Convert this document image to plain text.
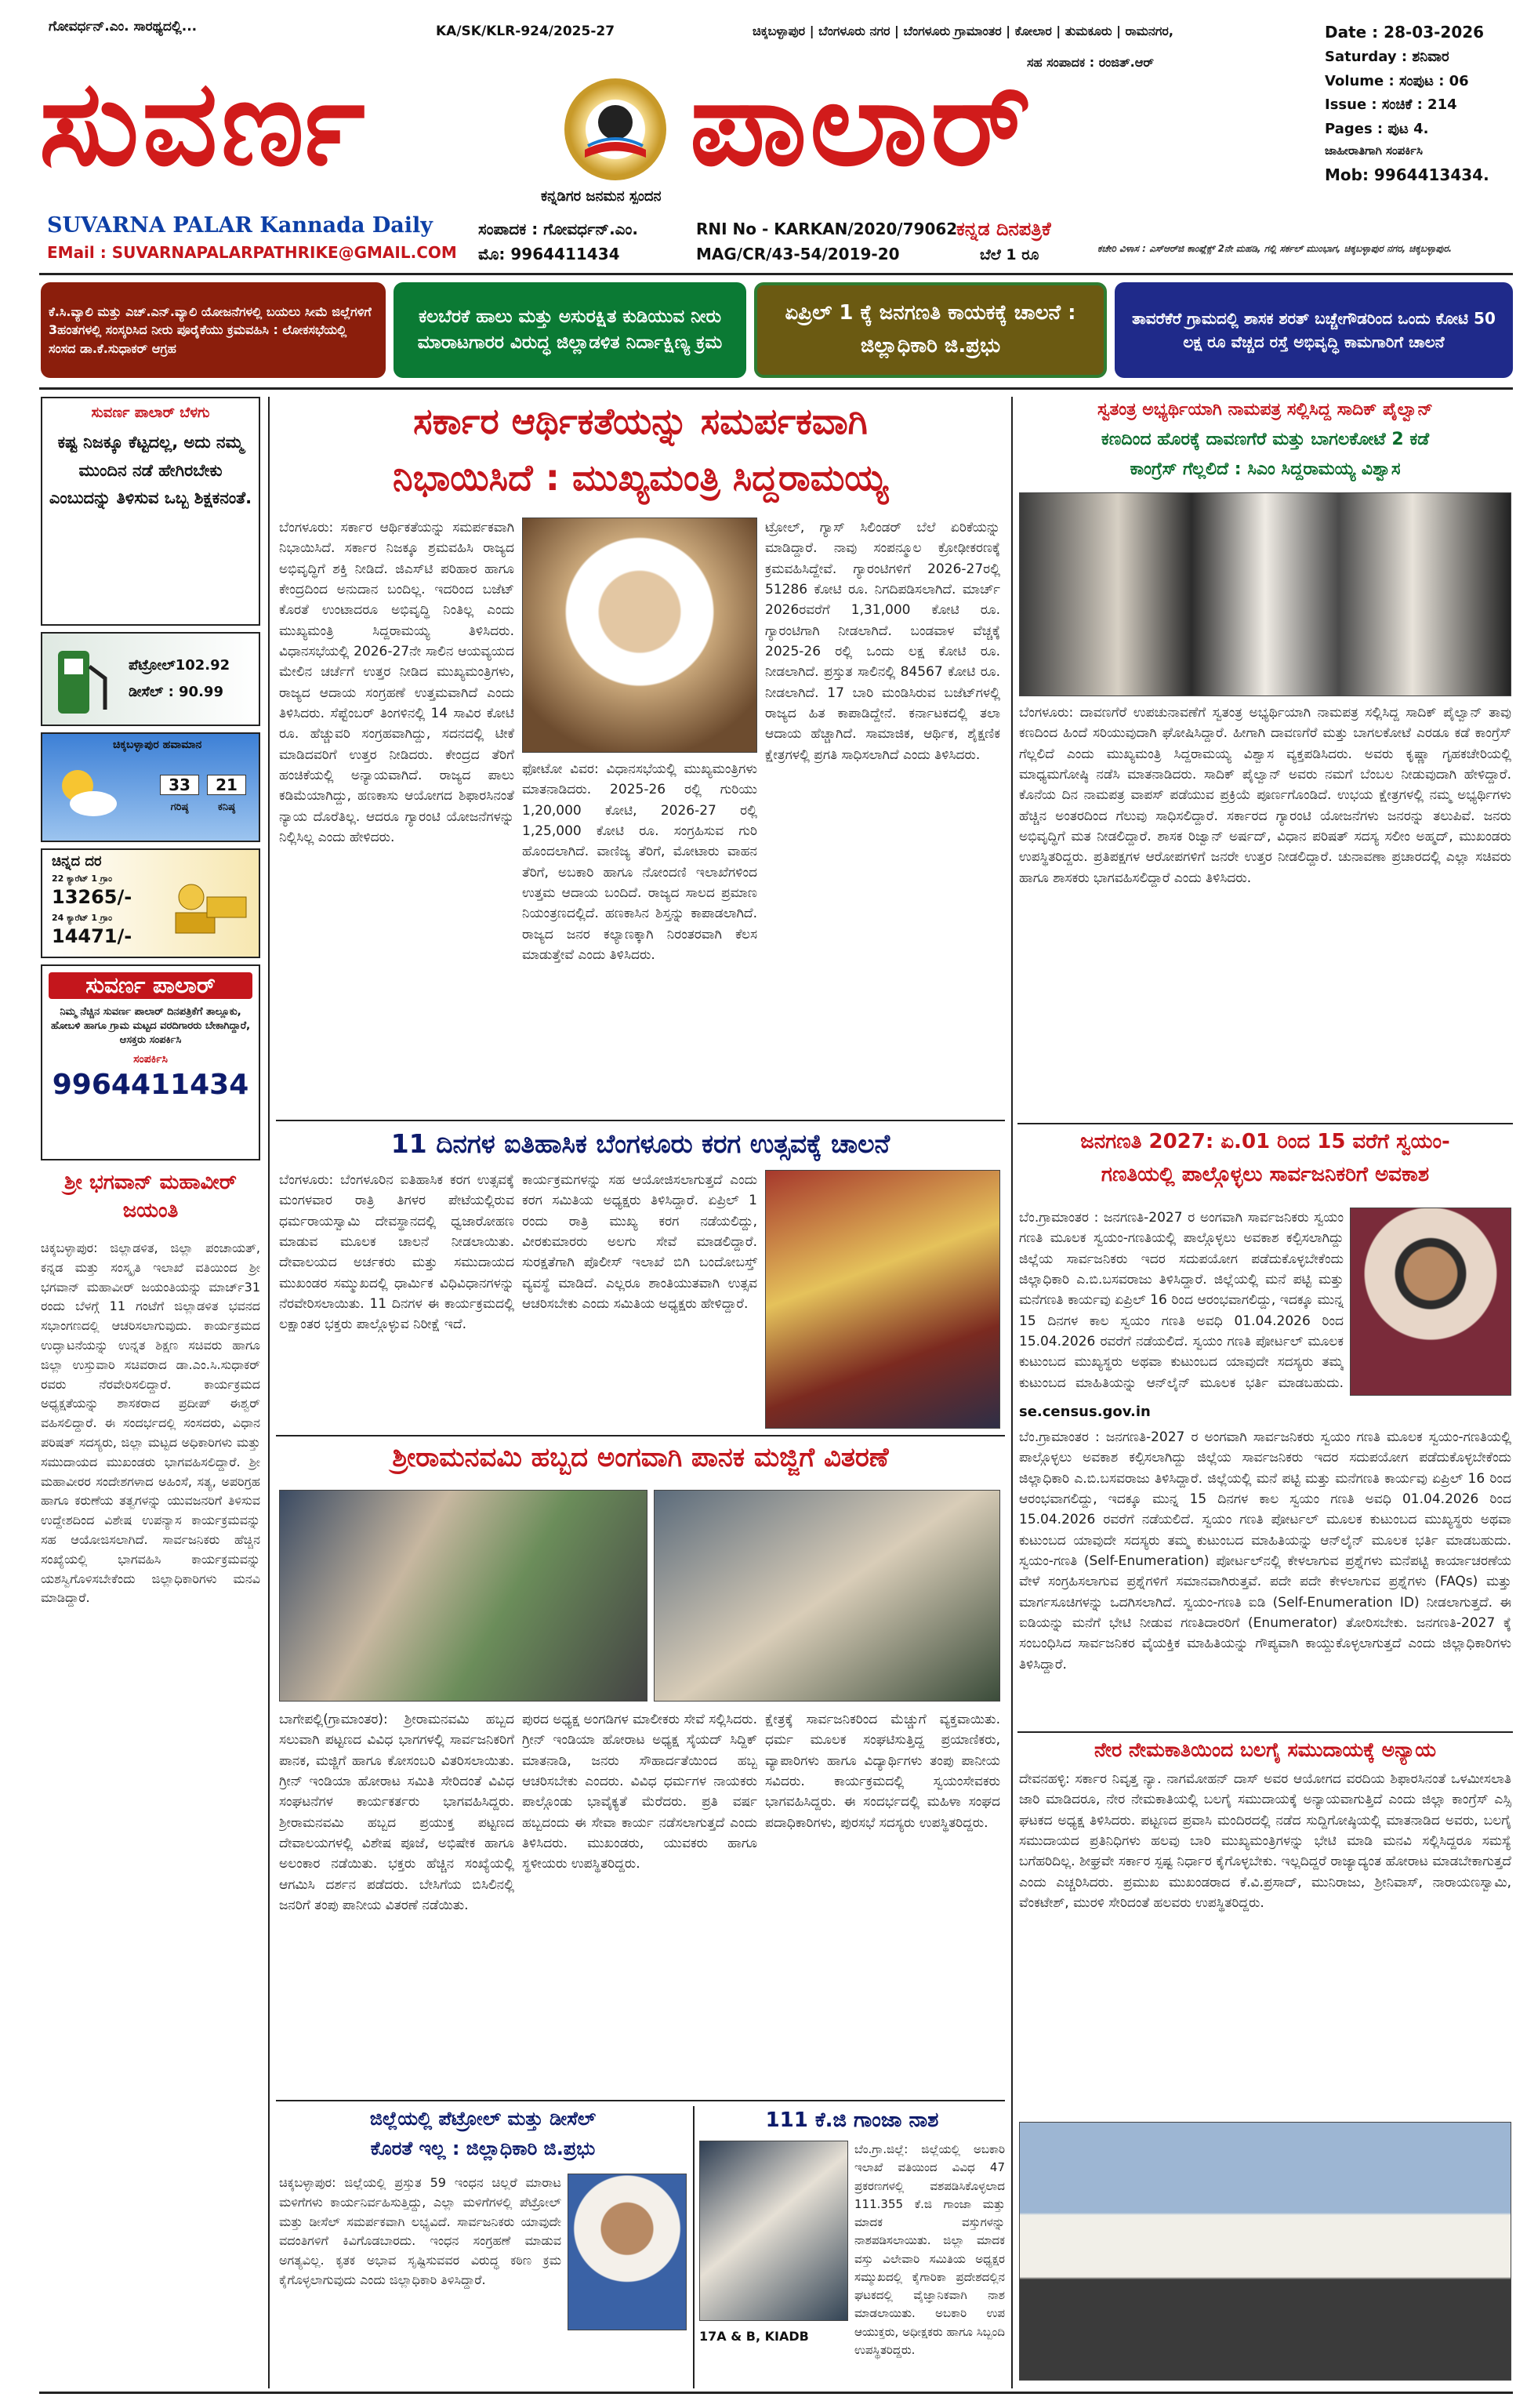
ಗೋವರ್ಧನ್.ಎಂ. ಸಾರಥ್ಯದಲ್ಲಿ...	KA/SK/KLR-924/2025-27	ಚಿಕ್ಕಬಳ್ಳಾಪುರ | ಬೆಂಗಳೂರು ನಗರ | ಬೆಂಗಳೂರು ಗ್ರಾಮಾಂತರ | ಕೋಲಾರ | ತುಮಕೂರು | ರಾಮನಗರ,
ಸಹ ಸಂಪಾದಕ : ರಂಜಿತ್.ಆರ್
ಸುವರ್ಣ	ಪಾಲಾರ್
ಕನ್ನಡಿಗರ ಜನಮನ ಸ್ಪಂದನ
SUVARNA PALAR Kannada Daily
EMail : SUVARNAPALARPATHRIKE@GMAIL.COM
ಸಂಪಾದಕ : ಗೋವರ್ಧನ್.ಎಂ.
ಮೊ: 9964411434
RNI No - KARKAN/2020/79062
MAG/CR/43-54/2019-20
ಕನ್ನಡ ದಿನಪತ್ರಿಕೆ
ಬೆಲೆ 1 ರೂ
Date : 28-03-2026
Saturday : ಶನಿವಾರ
Volume : ಸಂಪುಟ : 06
Issue : ಸಂಚಿಕೆ : 214
Pages : ಪುಟ 4.
ಜಾಹೀರಾತಿಗಾಗಿ ಸಂಪರ್ಕಿಸಿ
Mob: 9964413434.
ಕಚೇರಿ ವಿಳಾಸ : ಎಸ್‌ಆರ್‌ಜಿ ಕಾಂಪ್ಲೆಕ್ಸ್ 2ನೇ ಮಹಡಿ, ಗಲ್ಲಿ ಸರ್ಕಲ್ ಮುಂಭಾಗ, ಚಿಕ್ಕಬಳ್ಳಾಪುರ ನಗರ, ಚಿಕ್ಕಬಳ್ಳಾಪುರ.
ಕೆ.ಸಿ.ವ್ಯಾಲಿ ಮತ್ತು ಎಚ್.ಎನ್.ವ್ಯಾಲಿ ಯೋಜನೆಗಳಲ್ಲಿ ಬಯಲು ಸೀಮೆ ಜಿಲ್ಲೆಗಳಿಗೆ 3ಹಂತಗಳಲ್ಲಿ ಸಂಸ್ಕರಿಸಿದ ನೀರು ಪೂರೈಕೆಯು ಕ್ರಮವಹಿಸಿ : ಲೋಕಸಭೆಯಲ್ಲಿ ಸಂಸದ ಡಾ.ಕೆ.ಸುಧಾಕರ್ ಆಗ್ರಹ
ಕಲಬೆರಕೆ ಹಾಲು ಮತ್ತು ಅಸುರಕ್ಷಿತ ಕುಡಿಯುವ ನೀರು ಮಾರಾಟಗಾರರ ವಿರುದ್ಧ ಜಿಲ್ಲಾಡಳಿತ ನಿರ್ದಾಕ್ಷಿಣ್ಯ ಕ್ರಮ
ಏಪ್ರಿಲ್ 1 ಕ್ಕೆ ಜನಗಣತಿ ಕಾಯಕಕ್ಕೆ ಚಾಲನೆ : ಜಿಲ್ಲಾಧಿಕಾರಿ ಜಿ.ಪ್ರಭು
ತಾವರೆಕೆರೆ ಗ್ರಾಮದಲ್ಲಿ ಶಾಸಕ ಶರತ್ ಬಚ್ಚೇಗೌಡರಿಂದ ಒಂದು ಕೋಟಿ 50 ಲಕ್ಷ ರೂ ವೆಚ್ಚದ ರಸ್ತೆ ಅಭಿವೃದ್ಧಿ ಕಾಮಗಾರಿಗೆ ಚಾಲನೆ
ಸುವರ್ಣ ಪಾಲಾರ್ ಬೆಳಗು
ಕಷ್ಟ ನಿಜಕ್ಕೂ ಕೆಟ್ಟದಲ್ಲ, ಅದು ನಮ್ಮ ಮುಂದಿನ ನಡೆ ಹೇಗಿರಬೇಕು ಎಂಬುದನ್ನು ತಿಳಿಸುವ ಒಬ್ಬ ಶಿಕ್ಷಕನಂತೆ.
ಪೆಟ್ರೋಲ್102.92
ಡೀಸೆಲ್ : 90.99
ಚಿಕ್ಕಬಳ್ಳಾಪುರ ಹವಾಮಾನ
33	21
ಗರಿಷ್ಠ	ಕನಿಷ್ಠ
ಚಿನ್ನದ ದರ
22 ಕ್ಯಾರೆಟ್ 1 ಗ್ರಾಂ
13265/-
24 ಕ್ಯಾರೆಟ್ 1 ಗ್ರಾಂ
14471/-
ಸುವರ್ಣ ಪಾಲಾರ್
ನಿಮ್ಮ ನೆಚ್ಚಿನ ಸುವರ್ಣ ಪಾಲಾರ್ ದಿನಪತ್ರಿಕೆಗೆ ತಾಲ್ಲೂಕು, ಹೋಬಳಿ ಹಾಗೂ ಗ್ರಾಮ ಮಟ್ಟದ ವರದಿಗಾರರು ಬೇಕಾಗಿದ್ದಾರೆ, ಆಸಕ್ತರು ಸಂಪರ್ಕಿಸಿ
ಸಂಪರ್ಕಿಸಿ
9964411434
ಶ್ರೀ ಭಗವಾನ್ ಮಹಾವೀರ್ ಜಯಂತಿ
ಚಿಕ್ಕಬಳ್ಳಾಪುರ: ಜಿಲ್ಲಾಡಳಿತ, ಜಿಲ್ಲಾ ಪಂಚಾಯತ್, ಕನ್ನಡ ಮತ್ತು ಸಂಸ್ಕೃತಿ ಇಲಾಖೆ ವತಿಯಿಂದ ಶ್ರೀ ಭಗವಾನ್ ಮಹಾವೀರ್ ಜಯಂತಿಯನ್ನು ಮಾರ್ಚ್31 ರಂದು ಬೆಳಗ್ಗೆ 11 ಗಂಟೆಗೆ ಜಿಲ್ಲಾಡಳಿತ ಭವನದ ಸಭಾಂಗಣದಲ್ಲಿ ಆಚರಿಸಲಾಗುವುದು. ಕಾರ್ಯಕ್ರಮದ ಉದ್ಘಾಟನೆಯನ್ನು ಉನ್ನತ ಶಿಕ್ಷಣ ಸಚಿವರು ಹಾಗೂ ಜಿಲ್ಲಾ ಉಸ್ತುವಾರಿ ಸಚಿವರಾದ ಡಾ.ಎಂ.ಸಿ.ಸುಧಾಕರ್ ರವರು ನೆರವೇರಿಸಲಿದ್ದಾರೆ. ಕಾರ್ಯಕ್ರಮದ ಅಧ್ಯಕ್ಷತೆಯನ್ನು ಶಾಸಕರಾದ ಪ್ರದೀಪ್ ಈಶ್ವರ್ ವಹಿಸಲಿದ್ದಾರೆ. ಈ ಸಂದರ್ಭದಲ್ಲಿ ಸಂಸದರು, ವಿಧಾನ ಪರಿಷತ್ ಸದಸ್ಯರು, ಜಿಲ್ಲಾ ಮಟ್ಟದ ಅಧಿಕಾರಿಗಳು ಮತ್ತು ಸಮುದಾಯದ ಮುಖಂಡರು ಭಾಗವಹಿಸಲಿದ್ದಾರೆ. ಶ್ರೀ ಮಹಾವೀರರ ಸಂದೇಶಗಳಾದ ಅಹಿಂಸೆ, ಸತ್ಯ, ಅಪರಿಗ್ರಹ ಹಾಗೂ ಕರುಣೆಯ ತತ್ವಗಳನ್ನು ಯುವಜನರಿಗೆ ತಿಳಿಸುವ ಉದ್ದೇಶದಿಂದ ವಿಶೇಷ ಉಪನ್ಯಾಸ ಕಾರ್ಯಕ್ರಮವನ್ನು ಸಹ ಆಯೋಜಿಸಲಾಗಿದೆ. ಸಾರ್ವಜನಿಕರು ಹೆಚ್ಚಿನ ಸಂಖ್ಯೆಯಲ್ಲಿ ಭಾಗವಹಿಸಿ ಕಾರ್ಯಕ್ರಮವನ್ನು ಯಶಸ್ವಿಗೊಳಿಸಬೇಕೆಂದು ಜಿಲ್ಲಾಧಿಕಾರಿಗಳು ಮನವಿ ಮಾಡಿದ್ದಾರೆ.
ಸರ್ಕಾರ ಆರ್ಥಿಕತೆಯನ್ನು ಸಮರ್ಪಕವಾಗಿ
ನಿಭಾಯಿಸಿದೆ : ಮುಖ್ಯಮಂತ್ರಿ ಸಿದ್ದರಾಮಯ್ಯ
ಬೆಂಗಳೂರು: ಸರ್ಕಾರ ಆರ್ಥಿಕತೆಯನ್ನು ಸಮರ್ಪಕವಾಗಿ ನಿಭಾಯಿಸಿದೆ. ಸರ್ಕಾರ ನಿಜಕ್ಕೂ ಶ್ರಮವಹಿಸಿ ರಾಜ್ಯದ ಅಭಿವೃದ್ಧಿಗೆ ಶಕ್ತಿ ನೀಡಿದೆ. ಜಿಎಸ್‌ಟಿ ಪರಿಹಾರ ಹಾಗೂ ಕೇಂದ್ರದಿಂದ ಅನುದಾನ ಬಂದಿಲ್ಲ. ಇದರಿಂದ ಬಜೆಟ್ ಕೊರತೆ ಉಂಟಾದರೂ ಅಭಿವೃದ್ಧಿ ನಿಂತಿಲ್ಲ ಎಂದು ಮುಖ್ಯಮಂತ್ರಿ ಸಿದ್ದರಾಮಯ್ಯ ತಿಳಿಸಿದರು. ವಿಧಾನಸಭೆಯಲ್ಲಿ 2026-27ನೇ ಸಾಲಿನ ಆಯವ್ಯಯದ ಮೇಲಿನ ಚರ್ಚೆಗೆ ಉತ್ತರ ನೀಡಿದ ಮುಖ್ಯಮಂತ್ರಿಗಳು, ರಾಜ್ಯದ ಆದಾಯ ಸಂಗ್ರಹಣೆ ಉತ್ತಮವಾಗಿದೆ ಎಂದು ತಿಳಿಸಿದರು. ಸೆಪ್ಟೆಂಬರ್ ತಿಂಗಳಿನಲ್ಲಿ 14 ಸಾವಿರ ಕೋಟಿ ರೂ. ಹೆಚ್ಚುವರಿ ಸಂಗ್ರಹವಾಗಿದ್ದು, ಸದನದಲ್ಲಿ ಟೀಕೆ ಮಾಡಿದವರಿಗೆ ಉತ್ತರ ನೀಡಿದರು. ಕೇಂದ್ರದ ತೆರಿಗೆ ಹಂಚಿಕೆಯಲ್ಲಿ ಅನ್ಯಾಯವಾಗಿದೆ. ರಾಜ್ಯದ ಪಾಲು ಕಡಿಮೆಯಾಗಿದ್ದು, ಹಣಕಾಸು ಆಯೋಗದ ಶಿಫಾರಸಿನಂತೆ ನ್ಯಾಯ ದೊರೆತಿಲ್ಲ. ಆದರೂ ಗ್ಯಾರಂಟಿ ಯೋಜನೆಗಳನ್ನು ನಿಲ್ಲಿಸಿಲ್ಲ ಎಂದು ಹೇಳಿದರು.
ಫೋಟೋ ವಿವರ: ವಿಧಾನಸಭೆಯಲ್ಲಿ ಮುಖ್ಯಮಂತ್ರಿಗಳು ಮಾತನಾಡಿದರು. 2025-26 ರಲ್ಲಿ ಗುರಿಯು 1,20,000 ಕೋಟಿ, 2026-27 ರಲ್ಲಿ 1,25,000 ಕೋಟಿ ರೂ. ಸಂಗ್ರಹಿಸುವ ಗುರಿ ಹೊಂದಲಾಗಿದೆ. ವಾಣಿಜ್ಯ ತೆರಿಗೆ, ಮೋಟಾರು ವಾಹನ ತೆರಿಗೆ, ಅಬಕಾರಿ ಹಾಗೂ ನೋಂದಣಿ ಇಲಾಖೆಗಳಿಂದ ಉತ್ತಮ ಆದಾಯ ಬಂದಿದೆ. ರಾಜ್ಯದ ಸಾಲದ ಪ್ರಮಾಣ ನಿಯಂತ್ರಣದಲ್ಲಿದೆ. ಹಣಕಾಸಿನ ಶಿಸ್ತನ್ನು ಕಾಪಾಡಲಾಗಿದೆ. ರಾಜ್ಯದ ಜನರ ಕಲ್ಯಾಣಕ್ಕಾಗಿ ನಿರಂತರವಾಗಿ ಕೆಲಸ ಮಾಡುತ್ತೇವೆ ಎಂದು ತಿಳಿಸಿದರು.
ಟ್ರೋಲ್, ಗ್ಯಾಸ್ ಸಿಲಿಂಡರ್ ಬೆಲೆ ಏರಿಕೆಯನ್ನು ಮಾಡಿದ್ದಾರೆ. ನಾವು ಸಂಪನ್ಮೂಲ ಕ್ರೋಢೀಕರಣಕ್ಕೆ ಕ್ರಮವಹಿಸಿದ್ದೇವೆ. ಗ್ಯಾರಂಟಿಗಳಿಗೆ 2026-27ರಲ್ಲಿ 51286 ಕೋಟಿ ರೂ. ನಿಗದಿಪಡಿಸಲಾಗಿದೆ. ಮಾರ್ಚ್ 2026ರವರೆಗೆ 1,31,000 ಕೋಟಿ ರೂ. ಗ್ಯಾರಂಟಿಗಾಗಿ ನೀಡಲಾಗಿದೆ. ಬಂಡವಾಳ ವೆಚ್ಚಕ್ಕೆ 2025-26 ರಲ್ಲಿ ಒಂದು ಲಕ್ಷ ಕೋಟಿ ರೂ. ನೀಡಲಾಗಿದೆ. ಪ್ರಸ್ತುತ ಸಾಲಿನಲ್ಲಿ 84567 ಕೋಟಿ ರೂ. ನೀಡಲಾಗಿದೆ. 17 ಬಾರಿ ಮಂಡಿಸಿರುವ ಬಜೆಟ್‌ಗಳಲ್ಲಿ ರಾಜ್ಯದ ಹಿತ ಕಾಪಾಡಿದ್ದೇನೆ. ಕರ್ನಾಟಕದಲ್ಲಿ ತಲಾ ಆದಾಯ ಹೆಚ್ಚಾಗಿದೆ. ಸಾಮಾಜಿಕ, ಆರ್ಥಿಕ, ಶೈಕ್ಷಣಿಕ ಕ್ಷೇತ್ರಗಳಲ್ಲಿ ಪ್ರಗತಿ ಸಾಧಿಸಲಾಗಿದೆ ಎಂದು ತಿಳಿಸಿದರು.
11 ದಿನಗಳ ಐತಿಹಾಸಿಕ ಬೆಂಗಳೂರು ಕರಗ ಉತ್ಸವಕ್ಕೆ ಚಾಲನೆ
ಬೆಂಗಳೂರು: ಬೆಂಗಳೂರಿನ ಐತಿಹಾಸಿಕ ಕರಗ ಉತ್ಸವಕ್ಕೆ ಮಂಗಳವಾರ ರಾತ್ರಿ ತಿಗಳರ ಪೇಟೆಯಲ್ಲಿರುವ ಧರ್ಮರಾಯಸ್ವಾಮಿ ದೇವಸ್ಥಾನದಲ್ಲಿ ಧ್ವಜಾರೋಹಣ ಮಾಡುವ ಮೂಲಕ ಚಾಲನೆ ನೀಡಲಾಯಿತು. ದೇವಾಲಯದ ಅರ್ಚಕರು ಮತ್ತು ಸಮುದಾಯದ ಮುಖಂಡರ ಸಮ್ಮುಖದಲ್ಲಿ ಧಾರ್ಮಿಕ ವಿಧಿವಿಧಾನಗಳನ್ನು ನೆರವೇರಿಸಲಾಯಿತು. 11 ದಿನಗಳ ಈ ಕಾರ್ಯಕ್ರಮದಲ್ಲಿ ಲಕ್ಷಾಂತರ ಭಕ್ತರು ಪಾಲ್ಗೊಳ್ಳುವ ನಿರೀಕ್ಷೆ ಇದೆ.
ಕಾರ್ಯಕ್ರಮಗಳನ್ನು ಸಹ ಆಯೋಜಿಸಲಾಗುತ್ತದೆ ಎಂದು ಕರಗ ಸಮಿತಿಯ ಅಧ್ಯಕ್ಷರು ತಿಳಿಸಿದ್ದಾರೆ. ಏಪ್ರಿಲ್ 1 ರಂದು ರಾತ್ರಿ ಮುಖ್ಯ ಕರಗ ನಡೆಯಲಿದ್ದು, ವೀರಕುಮಾರರು ಅಲಗು ಸೇವೆ ಮಾಡಲಿದ್ದಾರೆ. ಸುರಕ್ಷತೆಗಾಗಿ ಪೊಲೀಸ್ ಇಲಾಖೆ ಬಿಗಿ ಬಂದೋಬಸ್ತ್ ವ್ಯವಸ್ಥೆ ಮಾಡಿದೆ. ಎಲ್ಲರೂ ಶಾಂತಿಯುತವಾಗಿ ಉತ್ಸವ ಆಚರಿಸಬೇಕು ಎಂದು ಸಮಿತಿಯ ಅಧ್ಯಕ್ಷರು ಹೇಳಿದ್ದಾರೆ.
ಶ್ರೀರಾಮನವಮಿ ಹಬ್ಬದ ಅಂಗವಾಗಿ ಪಾನಕ ಮಜ್ಜಿಗೆ ವಿತರಣೆ
ಬಾಗೇಪಲ್ಲಿ(ಗ್ರಾಮಾಂತರ): ಶ್ರೀರಾಮನವಮಿ ಹಬ್ಬದ ಸಲುವಾಗಿ ಪಟ್ಟಣದ ವಿವಿಧ ಭಾಗಗಳಲ್ಲಿ ಸಾರ್ವಜನಿಕರಿಗೆ ಪಾನಕ, ಮಜ್ಜಿಗೆ ಹಾಗೂ ಕೋಸಂಬರಿ ವಿತರಿಸಲಾಯಿತು. ಗ್ರೀನ್ ಇಂಡಿಯಾ ಹೋರಾಟ ಸಮಿತಿ ಸೇರಿದಂತೆ ವಿವಿಧ ಸಂಘಟನೆಗಳ ಕಾರ್ಯಕರ್ತರು ಭಾಗವಹಿಸಿದ್ದರು. ಶ್ರೀರಾಮನವಮಿ ಹಬ್ಬದ ಪ್ರಯುಕ್ತ ಪಟ್ಟಣದ ದೇವಾಲಯಗಳಲ್ಲಿ ವಿಶೇಷ ಪೂಜೆ, ಅಭಿಷೇಕ ಹಾಗೂ ಅಲಂಕಾರ ನಡೆಯಿತು. ಭಕ್ತರು ಹೆಚ್ಚಿನ ಸಂಖ್ಯೆಯಲ್ಲಿ ಆಗಮಿಸಿ ದರ್ಶನ ಪಡೆದರು. ಬೇಸಿಗೆಯ ಬಿಸಿಲಿನಲ್ಲಿ ಜನರಿಗೆ ತಂಪು ಪಾನೀಯ ವಿತರಣೆ ನಡೆಯಿತು.
ಪುರದ ಅಧ್ಯಕ್ಷ ಅಂಗಡಿಗಳ ಮಾಲೀಕರು ಸೇವೆ ಸಲ್ಲಿಸಿದರು. ಗ್ರೀನ್ ಇಂಡಿಯಾ ಹೋರಾಟ ಅಧ್ಯಕ್ಷ ಸೈಯದ್ ಸಿದ್ದಿಕ್ ಮಾತನಾಡಿ, ಜನರು ಸೌಹಾರ್ದತೆಯಿಂದ ಹಬ್ಬ ಆಚರಿಸಬೇಕು ಎಂದರು. ವಿವಿಧ ಧರ್ಮಗಳ ನಾಯಕರು ಪಾಲ್ಗೊಂಡು ಭಾವೈಕ್ಯತೆ ಮೆರೆದರು. ಪ್ರತಿ ವರ್ಷ ಹಬ್ಬದಂದು ಈ ಸೇವಾ ಕಾರ್ಯ ನಡೆಸಲಾಗುತ್ತದೆ ಎಂದು ತಿಳಿಸಿದರು. ಮುಖಂಡರು, ಯುವಕರು ಹಾಗೂ ಸ್ಥಳೀಯರು ಉಪಸ್ಥಿತರಿದ್ದರು.
ಕ್ಷೇತ್ರಕ್ಕೆ ಸಾರ್ವಜನಿಕರಿಂದ ಮೆಚ್ಚುಗೆ ವ್ಯಕ್ತವಾಯಿತು. ಧರ್ಮ ಮೂಲಕ ಸಂಘಟಿಸುತ್ತಿದ್ದ ಪ್ರಯಾಣಿಕರು, ವ್ಯಾಪಾರಿಗಳು ಹಾಗೂ ವಿದ್ಯಾರ್ಥಿಗಳು ತಂಪು ಪಾನೀಯ ಸವಿದರು. ಕಾರ್ಯಕ್ರಮದಲ್ಲಿ ಸ್ವಯಂಸೇವಕರು ಭಾಗವಹಿಸಿದ್ದರು. ಈ ಸಂದರ್ಭದಲ್ಲಿ ಮಹಿಳಾ ಸಂಘದ ಪದಾಧಿಕಾರಿಗಳು, ಪುರಸಭೆ ಸದಸ್ಯರು ಉಪಸ್ಥಿತರಿದ್ದರು.
ಜಿಲ್ಲೆಯಲ್ಲಿ ಪೆಟ್ರೋಲ್ ಮತ್ತು ಡೀಸೆಲ್
ಕೊರತೆ ಇಲ್ಲ : ಜಿಲ್ಲಾಧಿಕಾರಿ ಜಿ.ಪ್ರಭು
ಚಿಕ್ಕಬಳ್ಳಾಪುರ: ಜಿಲ್ಲೆಯಲ್ಲಿ ಪ್ರಸ್ತುತ 59 ಇಂಧನ ಚಿಲ್ಲರೆ ಮಾರಾಟ ಮಳಿಗೆಗಳು ಕಾರ್ಯನಿರ್ವಹಿಸುತ್ತಿದ್ದು, ಎಲ್ಲಾ ಮಳಿಗೆಗಳಲ್ಲಿ ಪೆಟ್ರೋಲ್ ಮತ್ತು ಡೀಸೆಲ್ ಸಮರ್ಪಕವಾಗಿ ಲಭ್ಯವಿದೆ. ಸಾರ್ವಜನಿಕರು ಯಾವುದೇ ವದಂತಿಗಳಿಗೆ ಕಿವಿಗೊಡಬಾರದು. ಇಂಧನ ಸಂಗ್ರಹಣೆ ಮಾಡುವ ಅಗತ್ಯವಿಲ್ಲ. ಕೃತಕ ಅಭಾವ ಸೃಷ್ಟಿಸುವವರ ವಿರುದ್ಧ ಕಠಿಣ ಕ್ರಮ ಕೈಗೊಳ್ಳಲಾಗುವುದು ಎಂದು ಜಿಲ್ಲಾಧಿಕಾರಿ ತಿಳಿಸಿದ್ದಾರೆ.
111 ಕೆ.ಜಿ ಗಾಂಜಾ ನಾಶ
ಬೆಂ.ಗ್ರಾ.ಜಿಲ್ಲೆ: ಜಿಲ್ಲೆಯಲ್ಲಿ ಅಬಕಾರಿ ಇಲಾಖೆ ವತಿಯಿಂದ ವಿವಿಧ 47 ಪ್ರಕರಣಗಳಲ್ಲಿ ವಶಪಡಿಸಿಕೊಳ್ಳಲಾದ 111.355 ಕೆ.ಜಿ ಗಾಂಜಾ ಮತ್ತು ಮಾದಕ ವಸ್ತುಗಳನ್ನು ನಾಶಪಡಿಸಲಾಯಿತು. ಜಿಲ್ಲಾ ಮಾದಕ ವಸ್ತು ವಿಲೇವಾರಿ ಸಮಿತಿಯ ಅಧ್ಯಕ್ಷರ ಸಮ್ಮುಖದಲ್ಲಿ ಕೈಗಾರಿಕಾ ಪ್ರದೇಶದಲ್ಲಿನ ಘಟಕದಲ್ಲಿ ವೈಜ್ಞಾನಿಕವಾಗಿ ನಾಶ ಮಾಡಲಾಯಿತು. ಅಬಕಾರಿ ಉಪ ಆಯುಕ್ತರು, ಅಧೀಕ್ಷಕರು ಹಾಗೂ ಸಿಬ್ಬಂದಿ ಉಪಸ್ಥಿತರಿದ್ದರು.
17A & B, KIADB
ಸ್ವತಂತ್ರ ಅಭ್ಯರ್ಥಿಯಾಗಿ ನಾಮಪತ್ರ ಸಲ್ಲಿಸಿದ್ದ ಸಾದಿಕ್ ಪೈಲ್ವಾನ್
ಕಣದಿಂದ ಹೊರಕ್ಕೆ ದಾವಣಗೆರೆ ಮತ್ತು ಬಾಗಲಕೋಟೆ 2 ಕಡೆ
ಕಾಂಗ್ರೆಸ್ ಗೆಲ್ಲಲಿದೆ : ಸಿಎಂ ಸಿದ್ದರಾಮಯ್ಯ ವಿಶ್ವಾಸ
ಬೆಂಗಳೂರು: ದಾವಣಗೆರೆ ಉಪಚುನಾವಣೆಗೆ ಸ್ವತಂತ್ರ ಅಭ್ಯರ್ಥಿಯಾಗಿ ನಾಮಪತ್ರ ಸಲ್ಲಿಸಿದ್ದ ಸಾದಿಕ್ ಪೈಲ್ವಾನ್ ತಾವು ಕಣದಿಂದ ಹಿಂದೆ ಸರಿಯುವುದಾಗಿ ಘೋಷಿಸಿದ್ದಾರೆ. ಹೀಗಾಗಿ ದಾವಣಗೆರೆ ಮತ್ತು ಬಾಗಲಕೋಟೆ ಎರಡೂ ಕಡೆ ಕಾಂಗ್ರೆಸ್ ಗೆಲ್ಲಲಿದೆ ಎಂದು ಮುಖ್ಯಮಂತ್ರಿ ಸಿದ್ದರಾಮಯ್ಯ ವಿಶ್ವಾಸ ವ್ಯಕ್ತಪಡಿಸಿದರು. ಅವರು ಕೃಷ್ಣಾ ಗೃಹಕಚೇರಿಯಲ್ಲಿ ಮಾಧ್ಯಮಗೋಷ್ಠಿ ನಡೆಸಿ ಮಾತನಾಡಿದರು. ಸಾದಿಕ್ ಪೈಲ್ವಾನ್ ಅವರು ನಮಗೆ ಬೆಂಬಲ ನೀಡುವುದಾಗಿ ಹೇಳಿದ್ದಾರೆ. ಕೊನೆಯ ದಿನ ನಾಮಪತ್ರ ವಾಪಸ್ ಪಡೆಯುವ ಪ್ರಕ್ರಿಯೆ ಪೂರ್ಣಗೊಂಡಿದೆ. ಉಭಯ ಕ್ಷೇತ್ರಗಳಲ್ಲಿ ನಮ್ಮ ಅಭ್ಯರ್ಥಿಗಳು ಹೆಚ್ಚಿನ ಅಂತರದಿಂದ ಗೆಲುವು ಸಾಧಿಸಲಿದ್ದಾರೆ. ಸರ್ಕಾರದ ಗ್ಯಾರಂಟಿ ಯೋಜನೆಗಳು ಜನರನ್ನು ತಲುಪಿವೆ. ಜನರು ಅಭಿವೃದ್ಧಿಗೆ ಮತ ನೀಡಲಿದ್ದಾರೆ. ಶಾಸಕ ರಿಜ್ವಾನ್ ಅರ್ಷದ್, ವಿಧಾನ ಪರಿಷತ್ ಸದಸ್ಯ ಸಲೀಂ ಅಹ್ಮದ್, ಮುಖಂಡರು ಉಪಸ್ಥಿತರಿದ್ದರು. ಪ್ರತಿಪಕ್ಷಗಳ ಆರೋಪಗಳಿಗೆ ಜನರೇ ಉತ್ತರ ನೀಡಲಿದ್ದಾರೆ. ಚುನಾವಣಾ ಪ್ರಚಾರದಲ್ಲಿ ಎಲ್ಲಾ ಸಚಿವರು ಹಾಗೂ ಶಾಸಕರು ಭಾಗವಹಿಸಲಿದ್ದಾರೆ ಎಂದು ತಿಳಿಸಿದರು.
ಜನಗಣತಿ 2027: ಏ.01 ರಿಂದ 15 ವರೆಗೆ ಸ್ವಯಂ-
ಗಣತಿಯಲ್ಲಿ ಪಾಲ್ಗೊಳ್ಳಲು ಸಾರ್ವಜನಿಕರಿಗೆ ಅವಕಾಶ
se.census.gov.in
ಬೆಂ.ಗ್ರಾಮಾಂತರ : ಜನಗಣತಿ-2027 ರ ಅಂಗವಾಗಿ ಸಾರ್ವಜನಿಕರು ಸ್ವಯಂ ಗಣತಿ ಮೂಲಕ ಸ್ವಯಂ-ಗಣತಿಯಲ್ಲಿ ಪಾಲ್ಗೊಳ್ಳಲು ಅವಕಾಶ ಕಲ್ಪಿಸಲಾಗಿದ್ದು ಜಿಲ್ಲೆಯ ಸಾರ್ವಜನಿಕರು ಇದರ ಸದುಪಯೋಗ ಪಡೆದುಕೊಳ್ಳಬೇಕೆಂದು ಜಿಲ್ಲಾಧಿಕಾರಿ ಎ.ಬಿ.ಬಸವರಾಜು ತಿಳಿಸಿದ್ದಾರೆ. ಜಿಲ್ಲೆಯಲ್ಲಿ ಮನೆ ಪಟ್ಟಿ ಮತ್ತು ಮನೆಗಣತಿ ಕಾರ್ಯವು ಏಪ್ರಿಲ್ 16 ರಿಂದ ಆರಂಭವಾಗಲಿದ್ದು, ಇದಕ್ಕೂ ಮುನ್ನ 15 ದಿನಗಳ ಕಾಲ ಸ್ವಯಂ ಗಣತಿ ಅವಧಿ 01.04.2026 ರಿಂದ 15.04.2026 ರವರೆಗೆ ನಡೆಯಲಿದೆ. ಸ್ವಯಂ ಗಣತಿ ಪೋರ್ಟಲ್ ಮೂಲಕ ಕುಟುಂಬದ ಮುಖ್ಯಸ್ಥರು ಅಥವಾ ಕುಟುಂಬದ ಯಾವುದೇ ಸದಸ್ಯರು ತಮ್ಮ ಕುಟುಂಬದ ಮಾಹಿತಿಯನ್ನು ಆನ್‌ಲೈನ್ ಮೂಲಕ ಭರ್ತಿ ಮಾಡಬಹುದು.
ಬೆಂ.ಗ್ರಾಮಾಂತರ : ಜನಗಣತಿ-2027 ರ ಅಂಗವಾಗಿ ಸಾರ್ವಜನಿಕರು ಸ್ವಯಂ ಗಣತಿ ಮೂಲಕ ಸ್ವಯಂ-ಗಣತಿಯಲ್ಲಿ ಪಾಲ್ಗೊಳ್ಳಲು ಅವಕಾಶ ಕಲ್ಪಿಸಲಾಗಿದ್ದು ಜಿಲ್ಲೆಯ ಸಾರ್ವಜನಿಕರು ಇದರ ಸದುಪಯೋಗ ಪಡೆದುಕೊಳ್ಳಬೇಕೆಂದು ಜಿಲ್ಲಾಧಿಕಾರಿ ಎ.ಬಿ.ಬಸವರಾಜು ತಿಳಿಸಿದ್ದಾರೆ. ಜಿಲ್ಲೆಯಲ್ಲಿ ಮನೆ ಪಟ್ಟಿ ಮತ್ತು ಮನೆಗಣತಿ ಕಾರ್ಯವು ಏಪ್ರಿಲ್ 16 ರಿಂದ ಆರಂಭವಾಗಲಿದ್ದು, ಇದಕ್ಕೂ ಮುನ್ನ 15 ದಿನಗಳ ಕಾಲ ಸ್ವಯಂ ಗಣತಿ ಅವಧಿ 01.04.2026 ರಿಂದ 15.04.2026 ರವರೆಗೆ ನಡೆಯಲಿದೆ. ಸ್ವಯಂ ಗಣತಿ ಪೋರ್ಟಲ್ ಮೂಲಕ ಕುಟುಂಬದ ಮುಖ್ಯಸ್ಥರು ಅಥವಾ ಕುಟುಂಬದ ಯಾವುದೇ ಸದಸ್ಯರು ತಮ್ಮ ಕುಟುಂಬದ ಮಾಹಿತಿಯನ್ನು ಆನ್‌ಲೈನ್ ಮೂಲಕ ಭರ್ತಿ ಮಾಡಬಹುದು. ಸ್ವಯಂ-ಗಣತಿ (Self-Enumeration) ಪೋರ್ಟಲ್‌ನಲ್ಲಿ ಕೇಳಲಾಗುವ ಪ್ರಶ್ನೆಗಳು ಮನೆಪಟ್ಟಿ ಕಾರ್ಯಾಚರಣೆಯ ವೇಳೆ ಸಂಗ್ರಹಿಸಲಾಗುವ ಪ್ರಶ್ನೆಗಳಿಗೆ ಸಮಾನವಾಗಿರುತ್ತವೆ. ಪದೇ ಪದೇ ಕೇಳಲಾಗುವ ಪ್ರಶ್ನೆಗಳು (FAQs) ಮತ್ತು ಮಾರ್ಗಸೂಚಿಗಳನ್ನು ಒದಗಿಸಲಾಗಿದೆ. ಸ್ವಯಂ-ಗಣತಿ ಐಡಿ (Self-Enumeration ID) ನೀಡಲಾಗುತ್ತದೆ. ಈ ಐಡಿಯನ್ನು ಮನೆಗೆ ಭೇಟಿ ನೀಡುವ ಗಣತಿದಾರರಿಗೆ (Enumerator) ತೋರಿಸಬೇಕು. ಜನಗಣತಿ-2027 ಕ್ಕೆ ಸಂಬಂಧಿಸಿದ ಸಾರ್ವಜನಿಕರ ವೈಯಕ್ತಿಕ ಮಾಹಿತಿಯನ್ನು ಗೌಪ್ಯವಾಗಿ ಕಾಯ್ದುಕೊಳ್ಳಲಾಗುತ್ತದೆ ಎಂದು ಜಿಲ್ಲಾಧಿಕಾರಿಗಳು ತಿಳಿಸಿದ್ದಾರೆ.
ನೇರ ನೇಮಕಾತಿಯಿಂದ ಬಲಗೈ ಸಮುದಾಯಕ್ಕೆ ಅನ್ಯಾಯ
ದೇವನಹಳ್ಳಿ: ಸರ್ಕಾರ ನಿವೃತ್ತ ನ್ಯಾ. ನಾಗಮೋಹನ್ ದಾಸ್ ಅವರ ಆಯೋಗದ ವರದಿಯ ಶಿಫಾರಸಿನಂತೆ ಒಳಮೀಸಲಾತಿ ಜಾರಿ ಮಾಡಿದರೂ, ನೇರ ನೇಮಕಾತಿಯಲ್ಲಿ ಬಲಗೈ ಸಮುದಾಯಕ್ಕೆ ಅನ್ಯಾಯವಾಗುತ್ತಿದೆ ಎಂದು ಜಿಲ್ಲಾ ಕಾಂಗ್ರೆಸ್ ಎಸ್ಸಿ ಘಟಕದ ಅಧ್ಯಕ್ಷ ತಿಳಿಸಿದರು. ಪಟ್ಟಣದ ಪ್ರವಾಸಿ ಮಂದಿರದಲ್ಲಿ ನಡೆದ ಸುದ್ದಿಗೋಷ್ಠಿಯಲ್ಲಿ ಮಾತನಾಡಿದ ಅವರು, ಬಲಗೈ ಸಮುದಾಯದ ಪ್ರತಿನಿಧಿಗಳು ಹಲವು ಬಾರಿ ಮುಖ್ಯಮಂತ್ರಿಗಳನ್ನು ಭೇಟಿ ಮಾಡಿ ಮನವಿ ಸಲ್ಲಿಸಿದ್ದರೂ ಸಮಸ್ಯೆ ಬಗೆಹರಿದಿಲ್ಲ. ಶೀಘ್ರವೇ ಸರ್ಕಾರ ಸ್ಪಷ್ಟ ನಿರ್ಧಾರ ಕೈಗೊಳ್ಳಬೇಕು. ಇಲ್ಲದಿದ್ದರೆ ರಾಜ್ಯಾದ್ಯಂತ ಹೋರಾಟ ಮಾಡಬೇಕಾಗುತ್ತದೆ ಎಂದು ಎಚ್ಚರಿಸಿದರು. ಪ್ರಮುಖ ಮುಖಂಡರಾದ ಕೆ.ವಿ.ಪ್ರಸಾದ್, ಮುನಿರಾಜು, ಶ್ರೀನಿವಾಸ್, ನಾರಾಯಣಸ್ವಾಮಿ, ವೆಂಕಟೇಶ್, ಮುರಳಿ ಸೇರಿದಂತೆ ಹಲವರು ಉಪಸ್ಥಿತರಿದ್ದರು.
